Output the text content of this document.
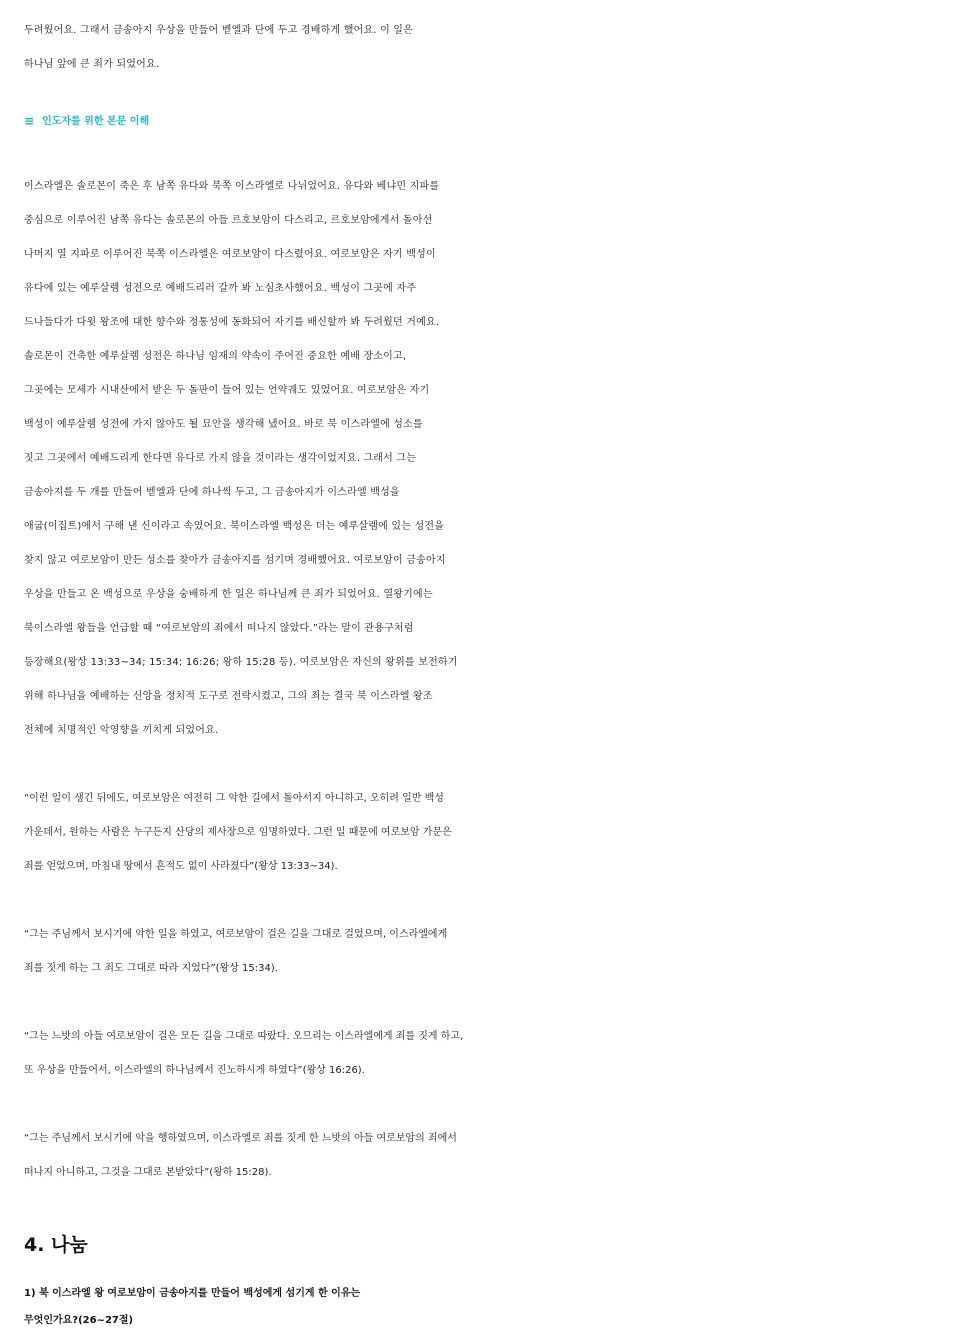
두려웠어요. 그래서 금송아지 우상을 만들어 벧엘과 단에 두고 경배하게 했어요. 이 일은
하나님 앞에 큰 죄가 되었어요.

≡ 인도자를 위한 본문 이해

이스라엘은 솔로몬이 죽은 후 남쪽 유다와 북쪽 이스라엘로 나뉘었어요. 유다와 베냐민 지파를
중심으로 이루어진 남쪽 유다는 솔로몬의 아들 르호보암이 다스리고, 르호보암에게서 돌아선
나머지 열 지파로 이루어진 북쪽 이스라엘은 여로보암이 다스렸어요. 여로보암은 자기 백성이
유다에 있는 예루살렘 성전으로 예배드리러 갈까 봐 노심초사했어요. 백성이 그곳에 자주
드나들다가 다윗 왕조에 대한 향수와 정통성에 동화되어 자기를 배신할까 봐 두려웠던 거예요.
솔로몬이 건축한 예루살렘 성전은 하나님 임재의 약속이 주어진 중요한 예배 장소이고,
그곳에는 모세가 시내산에서 받은 두 돌판이 들어 있는 언약궤도 있었어요. 여로보암은 자기
백성이 예루살렘 성전에 가지 않아도 될 묘안을 생각해 냈어요. 바로 북 이스라엘에 성소를
짓고 그곳에서 예배드리게 한다면 유다로 가지 않을 것이라는 생각이었지요. 그래서 그는
금송아지를 두 개를 만들어 벧엘과 단에 하나씩 두고, 그 금송아지가 이스라엘 백성을
애굽(이집트)에서 구해 낸 신이라고 속였어요. 북이스라엘 백성은 더는 예루살렘에 있는 성전을
찾지 않고 여로보암이 만든 성소를 찾아가 금송아지를 섬기며 경배했어요. 여로보암이 금송아지
우상을 만들고 온 백성으로 우상을 숭배하게 한 일은 하나님께 큰 죄가 되었어요. 열왕기에는
북이스라엘 왕들을 언급할 때 “여로보암의 죄에서 떠나지 않았다.”라는 말이 관용구처럼
등장해요(왕상 13:33~34; 15:34; 16:26; 왕하 15:28 등). 여로보암은 자신의 왕위를 보전하기
위해 하나님을 예배하는 신앙을 정치적 도구로 전락시켰고, 그의 죄는 결국 북 이스라엘 왕조
전체에 치명적인 악영향을 끼치게 되었어요.

“이런 일이 생긴 뒤에도, 여로보암은 여전히 그 악한 길에서 돌아서지 아니하고, 오히려 일반 백성
가운데서, 원하는 사람은 누구든지 산당의 제사장으로 임명하였다. 그런 일 때문에 여로보암 가문은
죄를 얻었으며, 마침내 땅에서 흔적도 없이 사라졌다”(왕상 13:33~34).

“그는 주님께서 보시기에 악한 일을 하였고, 여로보암이 걸은 길을 그대로 걸었으며, 이스라엘에게
죄를 짓게 하는 그 죄도 그대로 따라 지었다”(왕상 15:34).

“그는 느밧의 아들 여로보암이 걸은 모든 길을 그대로 따랐다. 오므리는 이스라엘에게 죄를 짓게 하고,
또 우상을 만들어서, 이스라엘의 하나님께서 진노하시게 하였다”(왕상 16:26).

“그는 주님께서 보시기에 악을 행하였으며, 이스라엘로 죄를 짓게 한 느밧의 아들 여로보암의 죄에서
떠나지 아니하고, 그것을 그대로 본받았다”(왕하 15:28).

4. 나눔

1) 북 이스라엘 왕 여로보암이 금송아지를 만들어 백성에게 섬기게 한 이유는
무엇인가요?(26~27절)
